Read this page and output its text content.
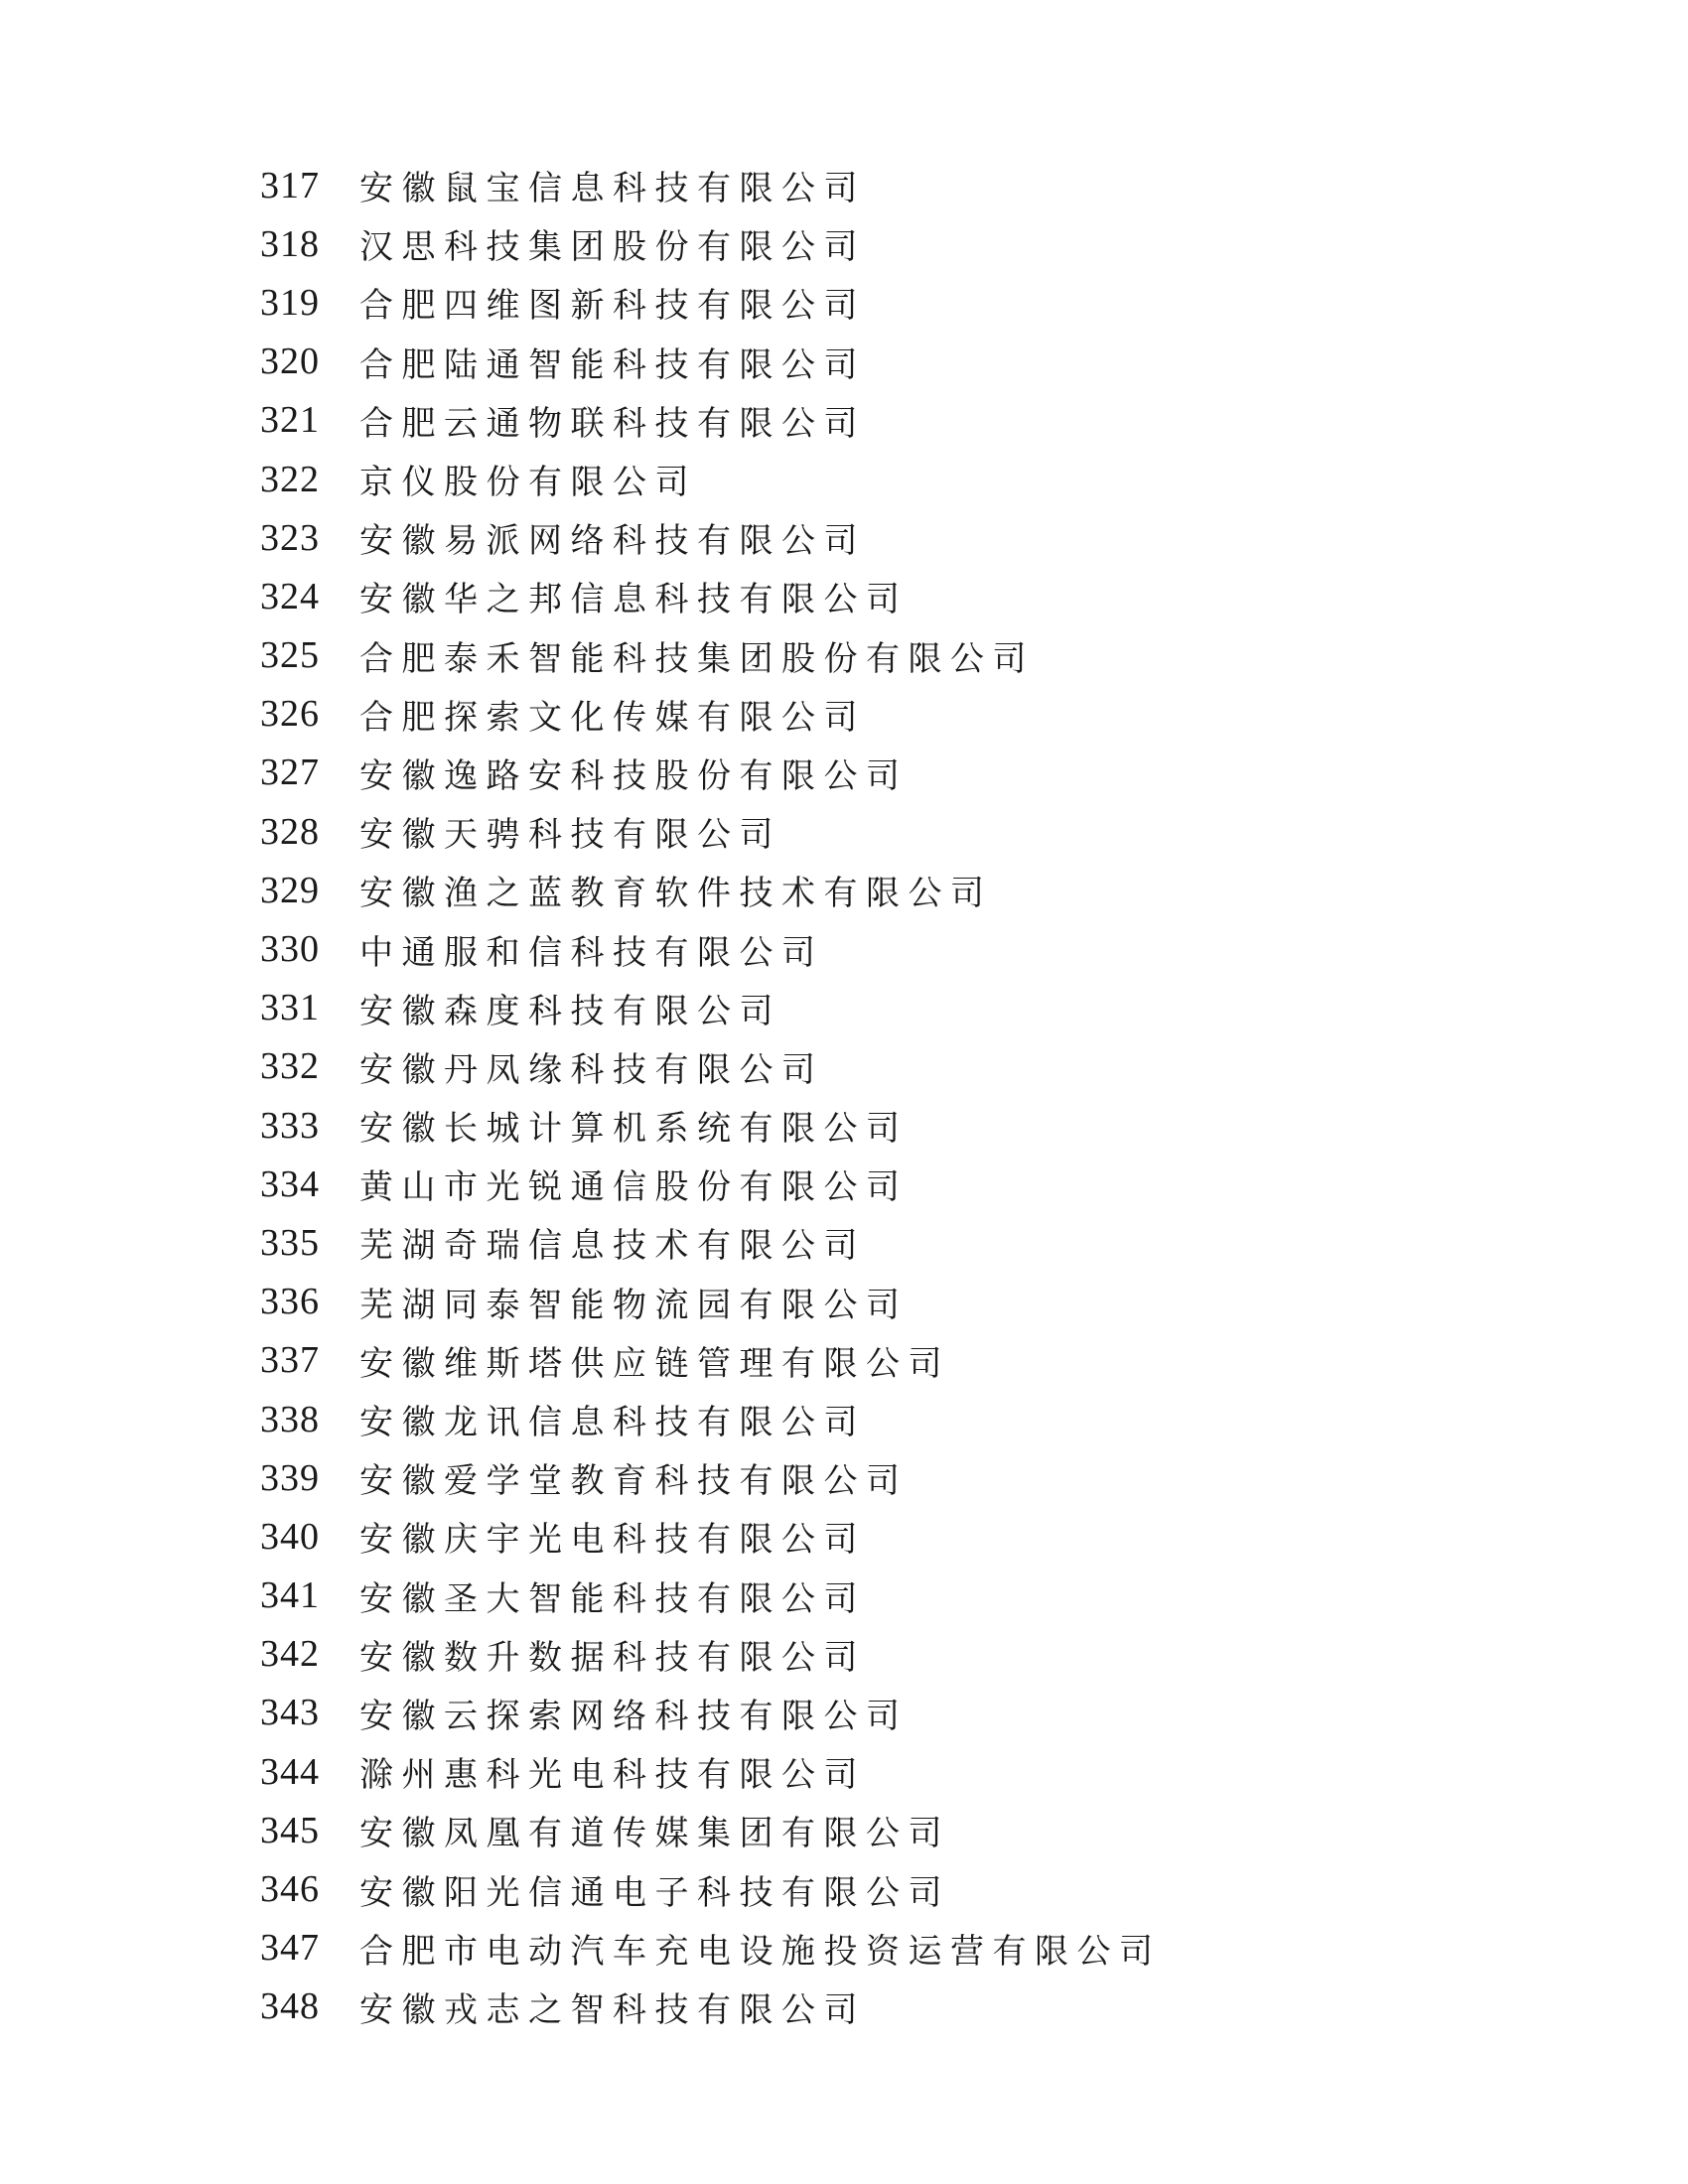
317	安徽鼠宝信息科技有限公司
318	汉思科技集团股份有限公司
319	合肥四维图新科技有限公司
320	合肥陆通智能科技有限公司
321	合肥云通物联科技有限公司
322	京仪股份有限公司
323	安徽易派网络科技有限公司
324	安徽华之邦信息科技有限公司
325	合肥泰禾智能科技集团股份有限公司
326	合肥探索文化传媒有限公司
327	安徽逸路安科技股份有限公司
328	安徽天骋科技有限公司
329	安徽渔之蓝教育软件技术有限公司
330	中通服和信科技有限公司
331	安徽森度科技有限公司
332	安徽丹凤缘科技有限公司
333	安徽长城计算机系统有限公司
334	黄山市光锐通信股份有限公司
335	芜湖奇瑞信息技术有限公司
336	芜湖同泰智能物流园有限公司
337	安徽维斯塔供应链管理有限公司
338	安徽龙讯信息科技有限公司
339	安徽爱学堂教育科技有限公司
340	安徽庆宇光电科技有限公司
341	安徽圣大智能科技有限公司
342	安徽数升数据科技有限公司
343	安徽云探索网络科技有限公司
344	滁州惠科光电科技有限公司
345	安徽凤凰有道传媒集团有限公司
346	安徽阳光信通电子科技有限公司
347	合肥市电动汽车充电设施投资运营有限公司
348	安徽戎志之智科技有限公司
